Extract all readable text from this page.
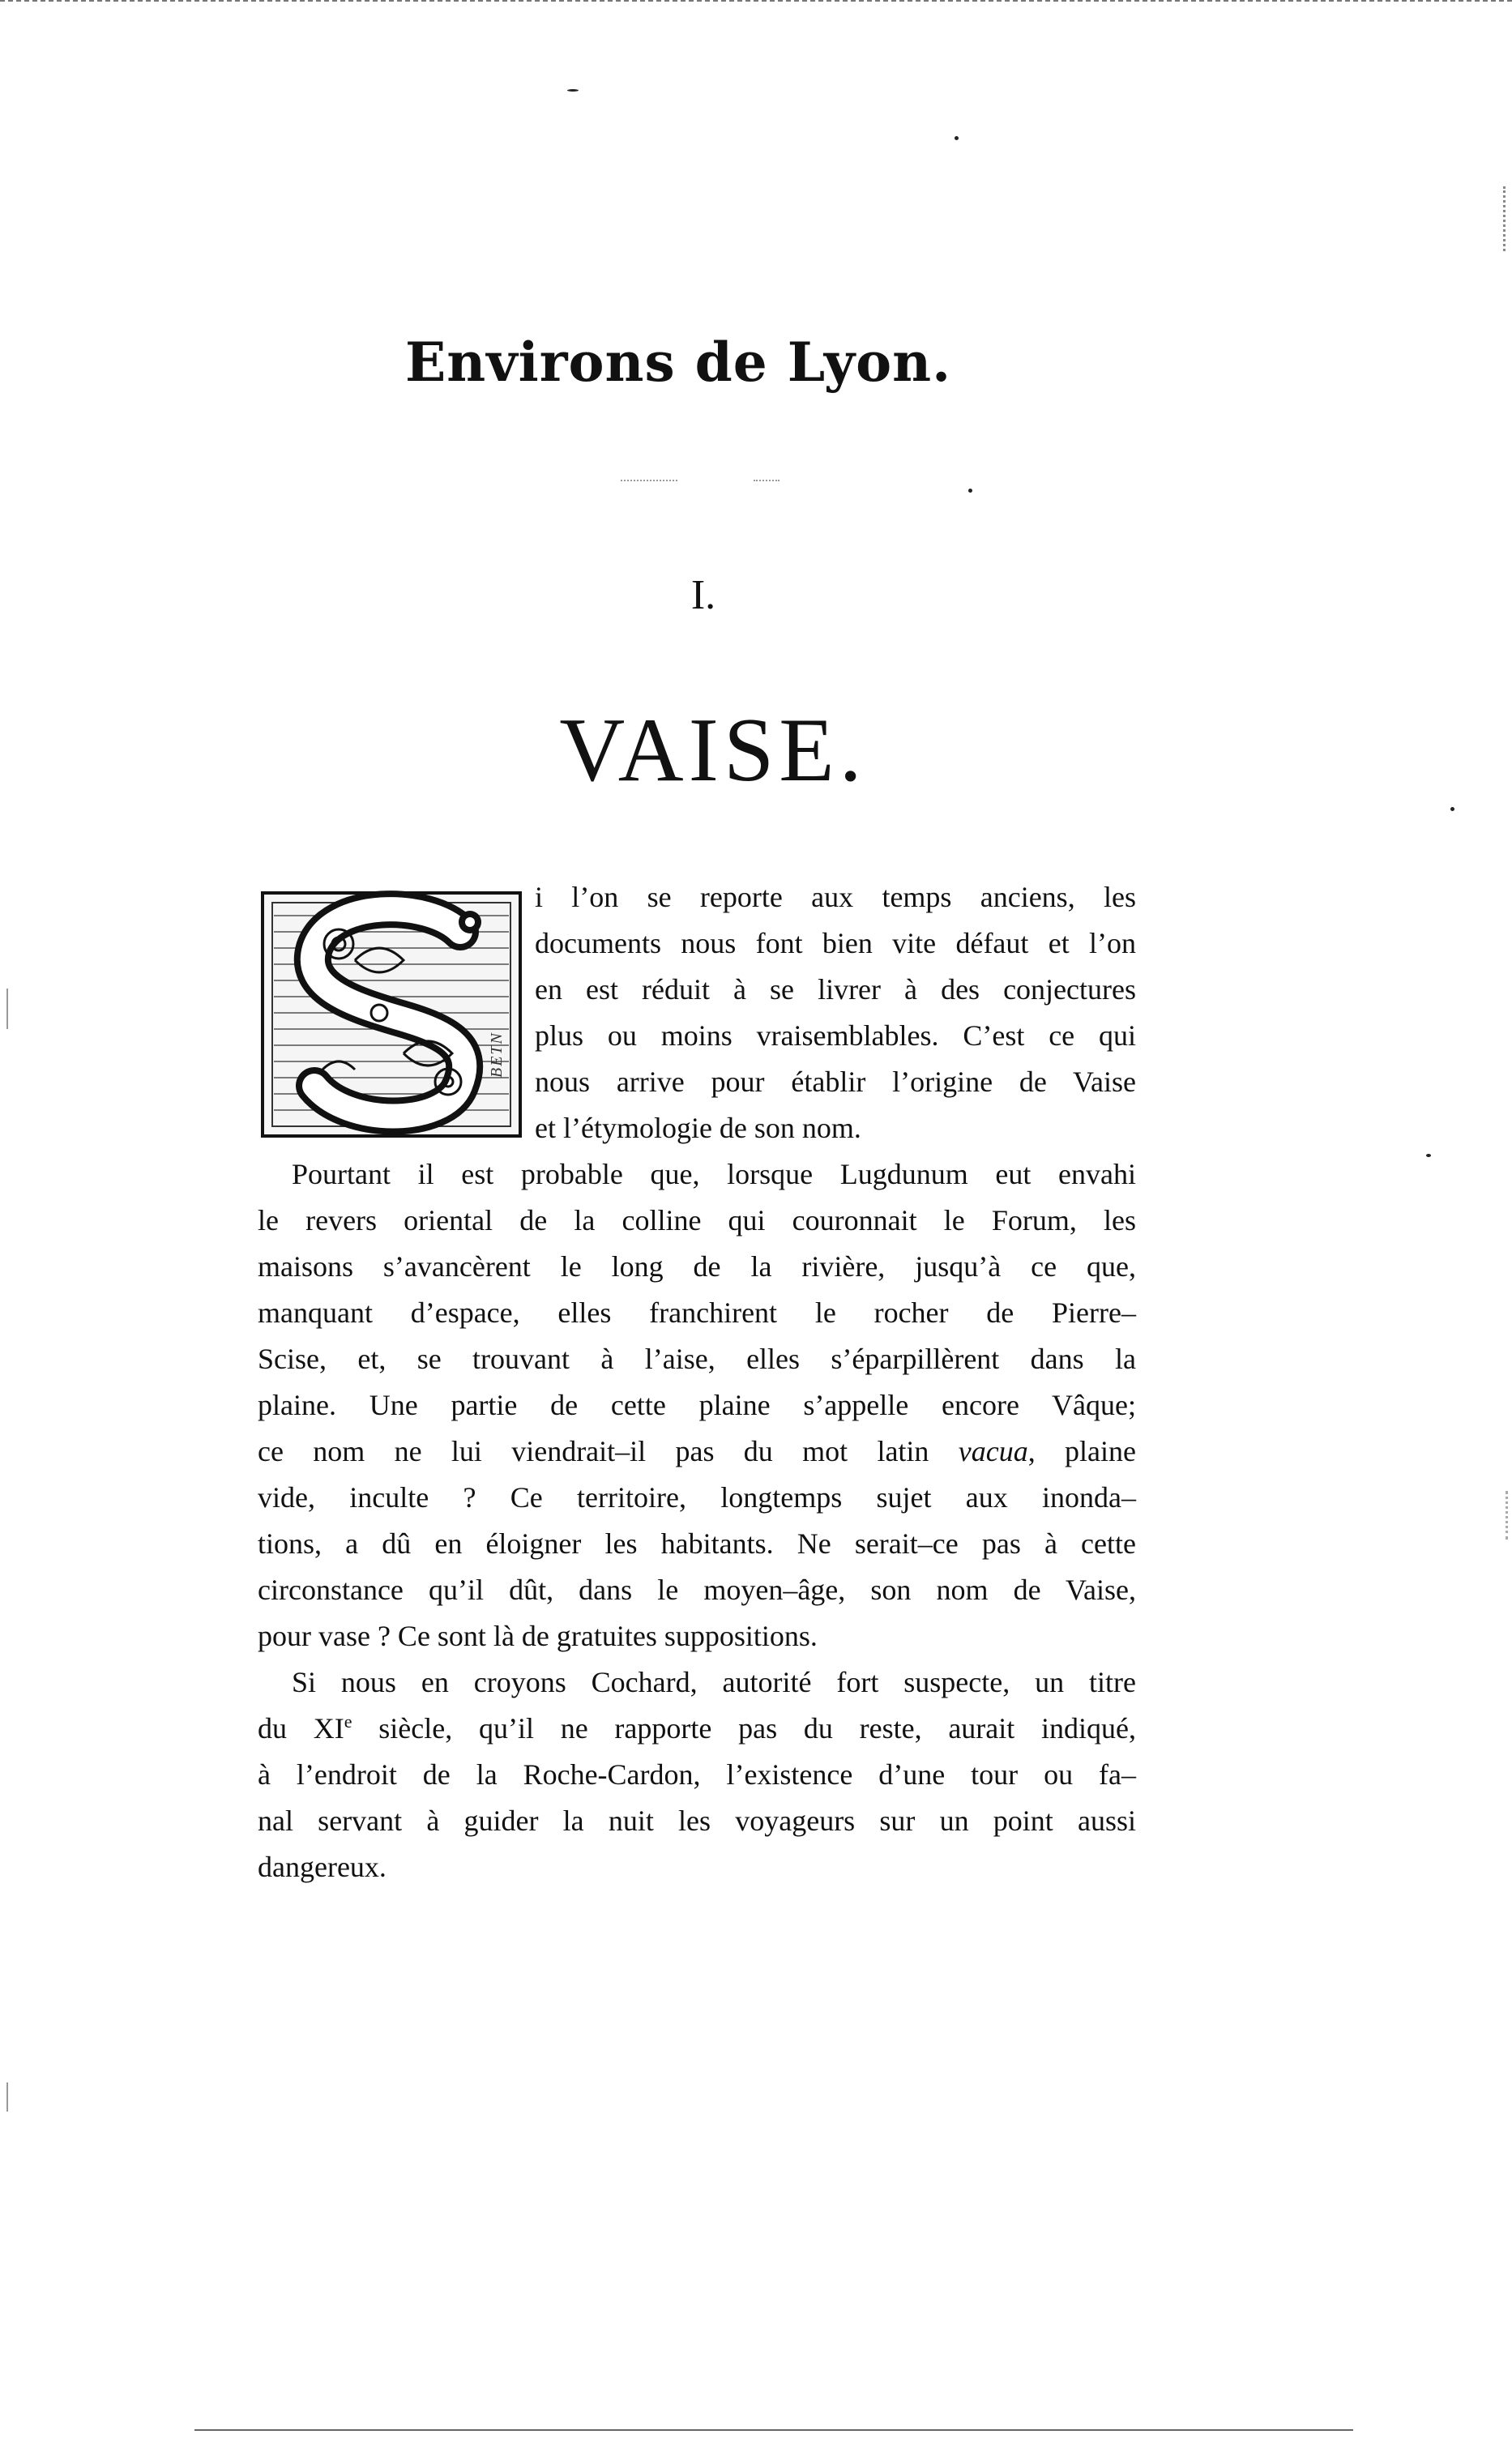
Environs de Lyon.
I.
VAISE.
BETN
i l’on se reporte aux temps anciens, les
documents nous font bien vite défaut et l’on
en est réduit à se livrer à des conjectures
plus ou moins vraisemblables. C’est ce qui
nous arrive pour établir l’origine de Vaise
et l’étymologie de son nom.
Pourtant il est probable que, lorsque Lugdunum eut envahi
le revers oriental de la colline qui couronnait le Forum, les
maisons s’avancèrent le long de la rivière, jusqu’à ce que,
manquant d’espace, elles franchirent le rocher de Pierre–
Scise, et, se trouvant à l’aise, elles s’éparpillèrent dans la
plaine. Une partie de cette plaine s’appelle encore Vâque;
ce nom ne lui viendrait–il pas du mot latin vacua, plaine
vide, inculte ? Ce territoire, longtemps sujet aux inonda–
tions, a dû en éloigner les habitants. Ne serait–ce pas à cette
circonstance qu’il dût, dans le moyen–âge, son nom de Vaise,
pour vase ? Ce sont là de gratuites suppositions.
Si nous en croyons Cochard, autorité fort suspecte, un titre
du XIe siècle, qu’il ne rapporte pas du reste, aurait indiqué,
à l’endroit de la Roche-Cardon, l’existence d’une tour ou fa–
nal servant à guider la nuit les voyageurs sur un point aussi
dangereux.
